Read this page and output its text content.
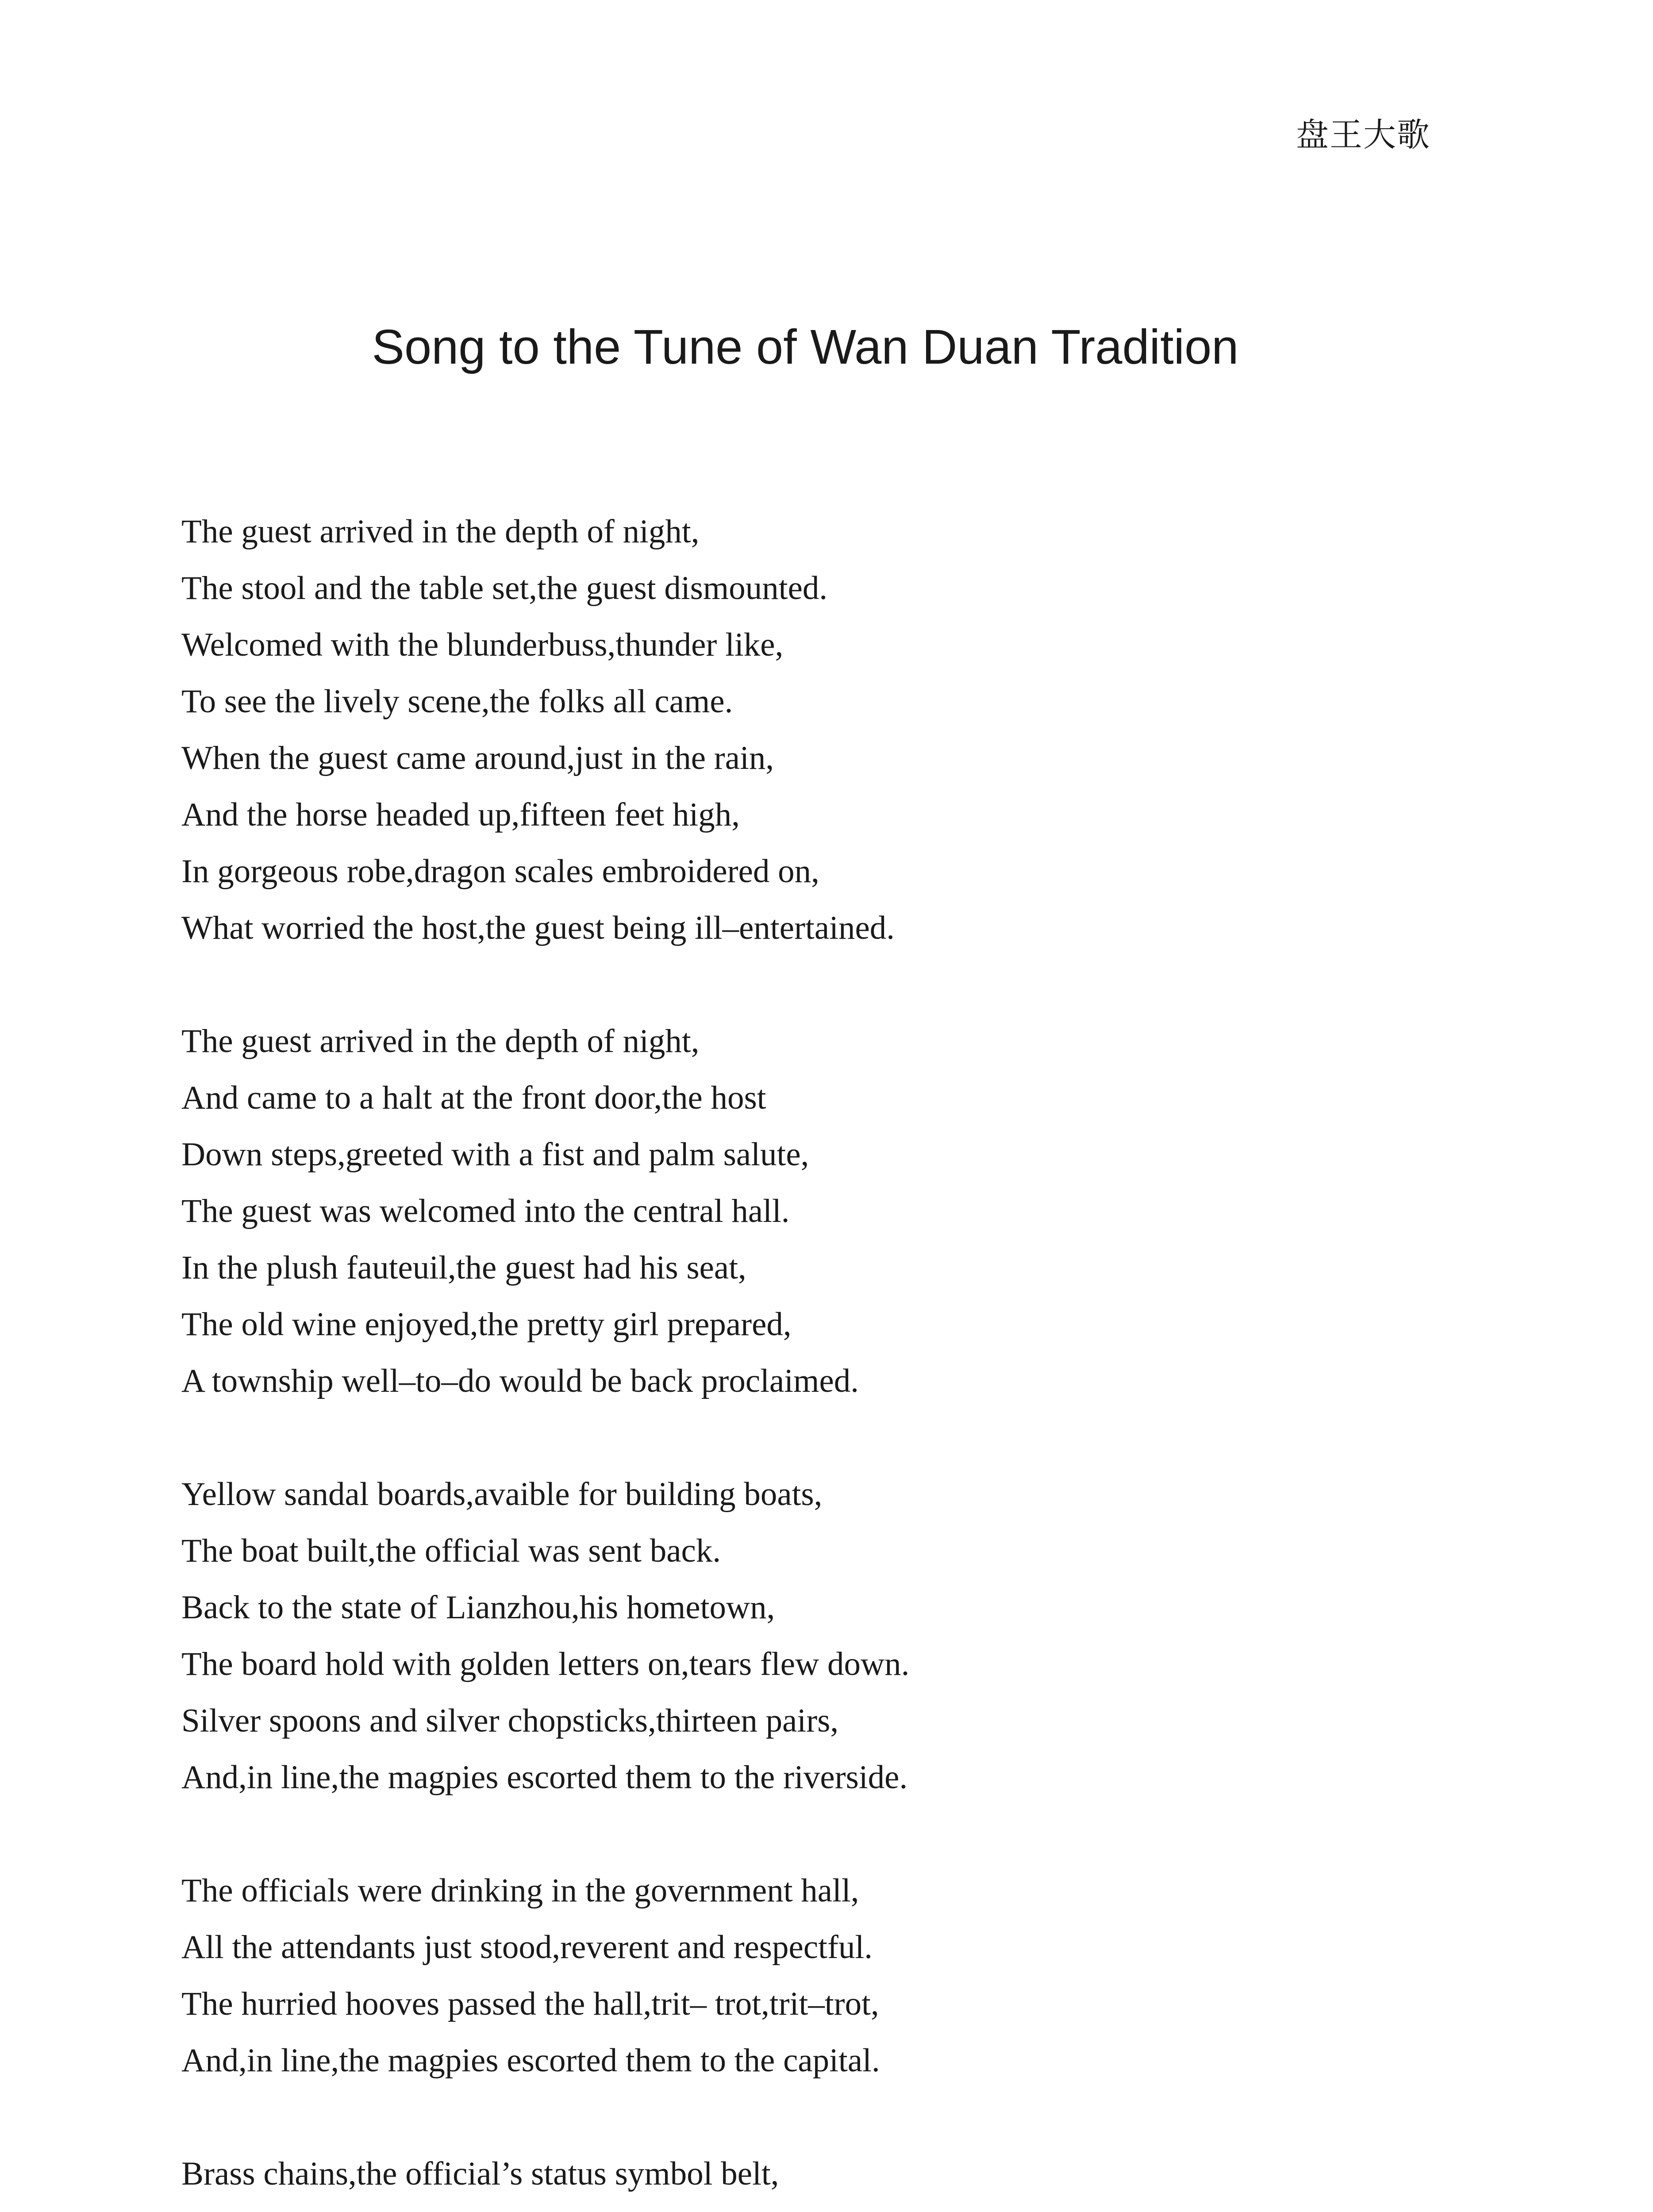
盘王大歌
Song to the Tune of Wan Duan Tradition
The guest arrived in the depth of night,
The stool and the table set,the guest dismounted.
Welcomed with the blunderbuss,thunder like,
To see the lively scene,the folks all came.
When the guest came around,just in the rain,
And the horse headed up,fifteen feet high,
In gorgeous robe,dragon scales embroidered on,
What worried the host,the guest being ill–entertained.
The guest arrived in the depth of night,
And came to a halt at the front door,the host
Down steps,greeted with a fist and palm salute,
The guest was welcomed into the central hall.
In the plush fauteuil,the guest had his seat,
The old wine enjoyed,the pretty girl prepared,
A township well–to–do would be back proclaimed.
Yellow sandal boards,avaible for building boats,
The boat built,the official was sent back.
Back to the state of Lianzhou,his hometown,
The board hold with golden letters on,tears flew down.
Silver spoons and silver chopsticks,thirteen pairs,
And,in line,the magpies escorted them to the riverside.
The officials were drinking in the government hall,
All the attendants just stood,reverent and respectful.
The hurried hooves passed the hall,trit– trot,trit–trot,
And,in line,the magpies escorted them to the capital.
Brass chains,the official’s status symbol belt,
